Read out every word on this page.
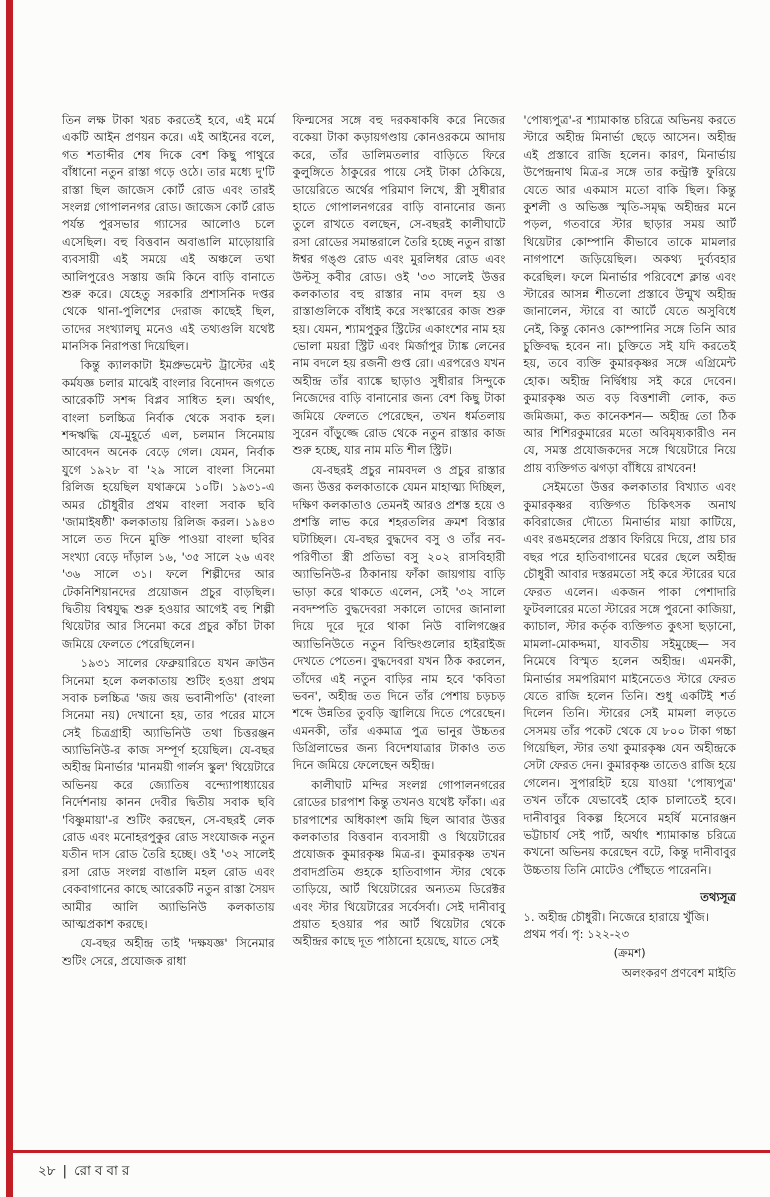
তিন লক্ষ টাকা খরচ করতেই হবে, এই মর্মে একটি আইন প্রণয়ন করে। এই আইনের বলে, গত শতাব্দীর শেষ দিকে বেশ কিছু পাথুরে বাঁধানো নতুন রাস্তা গড়ে ওঠে। তার মধ্যে দু'টি রাস্তা ছিল জাজেস কোর্ট রোড এবং তারই সংলগ্ন গোপালনগর রোড। জাজেস কোর্ট রোড পর্যন্ত পুরসভার গ্যাসের আলোও চলে এসেছিল। বহু বিত্তবান অবাঙালি মাড়োয়ারি ব্যবসায়ী এই সময়ে এই অঞ্চলে তথা আলিপুরেও সস্তায় জমি কিনে বাড়ি বানাতে শুরু করে। যেহেতু সরকারি প্রশাসনিক দপ্তর থেকে থানা-পুলিশের দেরাজ কাছেই ছিল, তাদের সংখ্যালঘু মনেও এই তথ্যগুলি যথেষ্ট মানসিক নিরাপত্তা দিয়েছিল।

কিন্তু ক্যালকাটা ইমপ্রুভমেন্ট ট্রাস্টের এই কর্মযজ্ঞ চলার মাঝেই বাংলার বিনোদন জগতে আরেকটি সশব্দ বিপ্লব সাধিত হল। অর্থাৎ, বাংলা চলচ্চিত্র নির্বাক থেকে সবাক হল। শব্দঋদ্ধি যে-মুহূর্তে এল, চলমান সিনেমায় আবেদন অনেক বেড়ে গেল। যেমন, নির্বাক যুগে ১৯২৮ বা '২৯ সালে বাংলা সিনেমা রিলিজ হয়েছিল যথাক্রমে ১০টি। ১৯৩১-এ অমর চৌধুরীর প্রথম বাংলা সবাক ছবি 'জামাইষষ্ঠী' কলকাতায় রিলিজ করল। ১৯৪৩ সালে তত দিনে মুক্তি পাওয়া বাংলা ছবির সংখ্যা বেড়ে দাঁড়াল ১৬, '৩৫ সালে ২৬ এবং '৩৬ সালে ৩১। ফলে শিল্পীদের আর টেকনিশিয়ানদের প্রয়োজন প্রচুর বাড়ছিল। দ্বিতীয় বিশ্বযুদ্ধ শুরু হওয়ার আগেই বহু শিল্পী থিয়েটার আর সিনেমা করে প্রচুর কাঁচা টাকা জমিয়ে ফেলতে পেরেছিলেন।

১৯৩১ সালের ফেব্রুয়ারিতে যখন ক্রাউন সিনেমা হলে কলকাতায় শুটিং হওয়া প্রথম সবাক চলচ্চিত্র 'জয় জয় ভবানীপতি' (বাংলা সিনেমা নয়) দেখানো হয়, তার পরের মাসে সেই চিত্রগ্রাহী অ্যাভিনিউ তথা চিত্তরঞ্জন অ্যাভিনিউ-র কাজ সম্পূর্ণ হয়েছিল। যে-বছর অহীন্দ্র মিনার্ভার 'মানময়ী গার্লস স্কুল' থিয়েটারে অভিনয় করে জ্যোতিষ বন্দ্যোপাধ্যায়ের নির্দেশনায় কানন দেবীর দ্বিতীয় সবাক ছবি 'বিষ্ণুমায়া'-র শুটিং করছেন, সে-বছরই লেক রোড এবং মনোহরপুকুর রোড সংযোজক নতুন যতীন দাস রোড তৈরি হচ্ছে। ওই '৩২ সালেই রসা রোড সংলগ্ন বাঙালি মহল রোড এবং বেকবাগানের কাছে আরেকটি নতুন রাস্তা সৈয়দ আমীর আলি অ্যাভিনিউ কলকাতায় আত্মপ্রকাশ করছে।

যে-বছর অহীন্দ্র তাই 'দক্ষযজ্ঞ' সিনেমার শুটিং সেরে, প্রযোজক রাধা

ফিল্মসের সঙ্গে বহু দরকষাকষি করে নিজের বকেয়া টাকা কড়ায়গণ্ডায় কোনওরকমে আদায় করে, তাঁর ডালিমতলার বাড়িতে ফিরে কুলুঙ্গিতে ঠাকুরের পায়ে সেই টাকা ঠেকিয়ে, ডায়েরিতে অর্থের পরিমাণ লিখে, স্ত্রী সুধীরার হাতে গোপালনগরের বাড়ি বানানোর জন্য তুলে রাখতে বলছেন, সে-বছরই কালীঘাটে রসা রোডের সমান্তরালে তৈরি হচ্ছে নতুন রাস্তা ঈশ্বর গঙ্গু রোড এবং মুরলিধর রোড এবং উল্টসূ কবীর রোড। ওই '৩৩ সালেই উত্তর কলকাতার বহু রাস্তার নাম বদল হয় ও রাস্তাগুলিকে বাঁধাই করে সংস্কারের কাজ শুরু হয়। যেমন, শ্যামপুকুর স্ট্রিটের একাংশের নাম হয় ভোলা ময়রা স্ট্রিট এবং মির্জাপুর ট্যাঙ্ক লেনের নাম বদলে হয় রজনী গুপ্ত রো। এরপরেও যখন অহীন্দ্র তাঁর ব্যাঙ্কে ছাড়াও সুধীরার সিন্দুকে নিজেদের বাড়ি বানানোর জন্য বেশ কিছু টাকা জমিয়ে ফেলতে পেরেছেন, তখন ধর্মতলায় সুরেন বাঁড়ুজ্জে রোড থেকে নতুন রাস্তার কাজ শুরু হচ্ছে, যার নাম মতি শীল স্ট্রিট।

যে-বছরই প্রচুর নামবদল ও প্রচুর রাস্তার জন্য উত্তর কলকাতাকে যেমন মাহাত্ম্য দিচ্ছিল, দক্ষিণ কলকাতাও তেমনই আরও প্রশস্ত হয়ে ও প্রশস্তি লাভ করে শহরতলির ক্রমশ বিস্তার ঘটাচ্ছিল। যে-বছর বুদ্ধদেব বসু ও তাঁর নব-পরিণীতা স্ত্রী প্রতিভা বসু ২০২ রাসবিহারী অ্যাভিনিউ-র ঠিকানায় ফাঁকা জায়গায় বাড়ি ভাড়া করে থাকতে এলেন, সেই '৩২ সালে নবদম্পতি বুদ্ধদেবরা সকালে তাদের জানালা দিয়ে দূরে দূরে থাকা নিউ বালিগঞ্জের অ্যাভিনিউতে নতুন বিল্ডিংগুলোর হাইরাইজ দেখতে পেতেন। বুদ্ধদেবরা যখন ঠিক করলেন, তাঁদের এই নতুন বাড়ির নাম হবে 'কবিতা ভবন', অহীন্দ্র তত দিনে তাঁর পেশায় চড়চড় শব্দে উন্নতির তুবড়ি জ্বালিয়ে দিতে পেরেছেন। এমনকী, তাঁর একমাত্র পুত্র ভানুর উচ্চতর ডিগ্রিলাভের জন্য বিদেশযাত্রার টাকাও তত দিনে জমিয়ে ফেলেছেন অহীন্দ্র।

কালীঘাট মন্দির সংলগ্ন গোপালনগরের রোডের চারপাশ কিন্তু তখনও যথেষ্ট ফাঁকা। এর চারপাশের অধিকাংশ জমি ছিল আবার উত্তর কলকাতার বিত্তবান ব্যবসায়ী ও থিয়েটারের প্রযোজক কুমারকৃষ্ণ মিত্র-র। কুমারকৃষ্ণ তখন প্রবাদপ্রতিম গুহকে হাতিবাগান স্টার থেকে তাড়িয়ে, আর্ট থিয়েটারের অন্যতম ডিরেক্টর এবং স্টার থিয়েটারের সর্বেসর্বা। সেই দানীবাবু প্রয়াত হওয়ার পর আর্ট থিয়েটার থেকে অহীন্দ্রর কাছে দূত পাঠানো হয়েছে, যাতে সেই

'পোষ্যপুত্র'-র শ্যামাকান্ত চরিত্রে অভিনয় করতে স্টারে অহীন্দ্র মিনার্ভা ছেড়ে আসেন। অহীন্দ্র এই প্রস্তাবে রাজি হলেন। কারণ, মিনার্ভায় উপেন্দ্রনাথ মিত্র-র সঙ্গে তার কন্ট্রাক্ট ফুরিয়ে যেতে আর একমাস মতো বাকি ছিল। কিন্তু কুশলী ও অভিজ্ঞ স্মৃতি-সমৃদ্ধ অহীন্দ্রর মনে পড়ল, গতবারে স্টার ছাড়ার সময় আর্ট থিয়েটার কোম্পানি কীভাবে তাকে মামলার নাগপাশে জড়িয়েছিল। অকথ্য দুর্ব্যবহার করেছিল। ফলে মিনার্ভার পরিবেশে ক্লান্ত এবং স্টারের আসন্ন শীতলো প্রস্তাবে উন্মুখ অহীন্দ্র জানালেন, স্টারে বা আর্টে যেতে অসুবিধে নেই, কিন্তু কোনও কোম্পানির সঙ্গে তিনি আর চুক্তিবদ্ধ হবেন না। চুক্তিতে সই যদি করতেই হয়, তবে ব্যক্তি কুমারকৃষ্ণর সঙ্গে এগ্রিমেন্ট হোক। অহীন্দ্র নির্দ্বিধায় সই করে দেবেন। কুমারকৃষ্ণ অত বড় বিত্তশালী লোক, কত জমিজমা, কত কানেকশন— অহীন্দ্র তো ঠিক আর শিশিরকুমারের মতো অবিমৃষ্যকারীও নন যে, সমস্ত প্রযোজকদের সঙ্গে থিয়েটারে নিয়ে প্রায় ব্যক্তিগত ঝগড়া বাঁধিয়ে রাখবেন!

সেইমতো উত্তর কলকাতার বিখ্যাত এবং কুমারকৃষ্ণর ব্যক্তিগত চিকিৎসক অনাথ কবিরাজের দৌত্যে মিনার্ভার মায়া কাটিয়ে, এবং রঙমহলের প্রস্তাব ফিরিয়ে দিয়ে, প্রায় চার বছর পরে হাতিবাগানের ঘরের ছেলে অহীন্দ্র চৌধুরী আবার দস্তরমতো সই করে স্টারের ঘরে ফেরত এলেন। একজন পাকা পেশাদারি ফুটবলারের মতো স্টারের সঙ্গে পুরনো কাজিয়া, ক্যাচাল, স্টার কর্তৃক ব্যক্তিগত কুৎসা ছড়ানো, মামলা-মোকদ্দমা, যাবতীয় সইমুচ্ছে— সব নিমেষে বিস্মৃত হলেন অহীন্দ্র। এমনকী, মিনার্ভার সমপরিমাণ মাইনেতেও স্টারে ফেরত যেতে রাজি হলেন তিনি। শুধু একটিই শর্ত দিলেন তিনি। স্টারের সেই মামলা লড়তে সেসময় তাঁর পকেট থেকে যে ৮০০ টাকা গচ্চা গিয়েছিল, স্টার তথা কুমারকৃষ্ণ যেন অহীন্দ্রকে সেটা ফেরত দেন। কুমারকৃষ্ণ তাতেও রাজি হয়ে গেলেন। সুপারহিট হয়ে যাওয়া 'পোষ্যপুত্র' তখন তাঁকে যেভাবেই হোক চালাতেই হবে। দানীবাবুর বিকল্প হিসেবে মহর্ষি মনোরঞ্জন ভট্টাচার্য সেই পার্ট, অর্থাৎ শ্যামাকান্ত চরিত্রে কখনো অভিনয় করেছেন বটে, কিন্তু দানীবাবুর উচ্চতায় তিনি মোটেও পৌঁছতে পারেননি।

তথ্যসূত্র

১. অহীন্দ্র চৌধুরী। নিজেরে হারায়ে খুঁজি।

প্রথম পর্ব। পৃ: ১২২-২৩

(ক্রমশ)

অলংকরণ প্রণবেশ মাইতি

২৮ | রোববার
